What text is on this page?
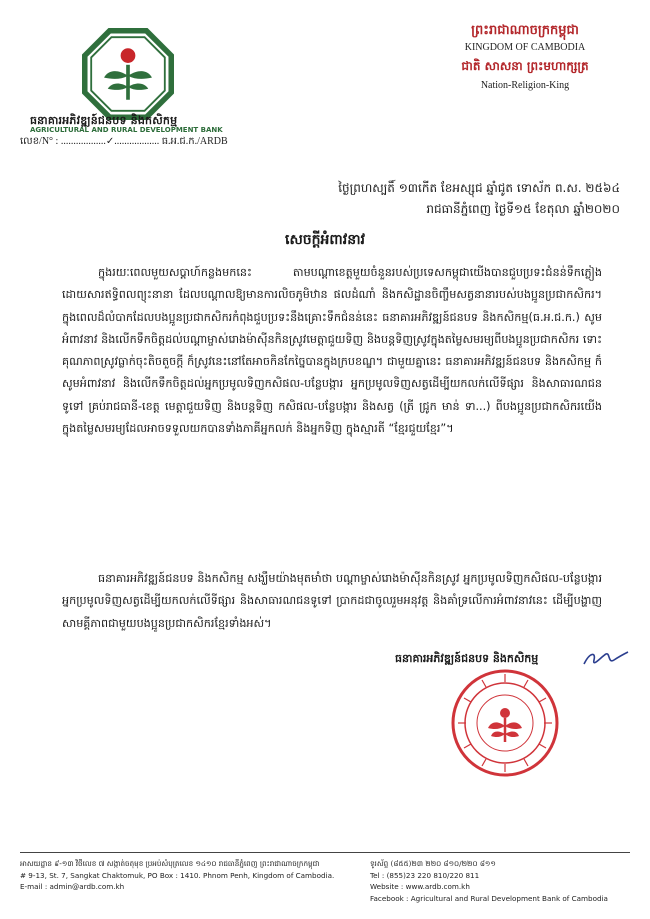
ធនាគារអភិវឌ្ឍន៍ជនបទ និងកសិកម្ម
AGRICULTURAL AND RURAL DEVELOPMENT BANK
លេខ/N° : ..................✓.................. ធ.អ.ជ.ក./ARDB
ព្រះរាជាណាចក្រកម្ពុជា
KINGDOM OF CAMBODIA
ជាតិ សាសនា ព្រះមហាក្សត្រ
Nation-Religion-King
ថ្ងៃព្រហស្បតិ៍ ១៣កើត ខែអស្សុជ ឆ្នាំជូត ទោស័ក ព.ស. ២៥៦៤
រាជធានីភ្នំពេញ ថ្ងៃទី១៥ ខែតុលា ឆ្នាំ២០២០
សេចក្តីអំពាវនាវ

ក្នុងរយៈពេលមួយសប្តាហ៍កន្លងមកនេះ តាមបណ្តាខេត្តមួយចំនួនរបស់ប្រទេសកម្ពុជាយើងបានជួបប្រទះជំនន់ទឹកភ្លៀង ដោយសារឥទ្ធិពលព្យុះនានា ដែលបណ្តាលឱ្យមានការលិចភូមិឋាន ផលដំណាំ និងកសិដ្ឋានចិញ្ចឹមសត្វនានារបស់បងប្អូនប្រជាកសិករ។ ក្នុងពេលដ៏លំបាកដែលបងប្អូនប្រជាកសិករកំពុងជួបប្រទះនឹងគ្រោះទឹកជំនន់នេះ ធនាគារអភិវឌ្ឍន៍ជនបទ និងកសិកម្ម(ធ.អ.ជ.ក.) សូមអំពាវនាវ និងលើកទឹកចិត្តដល់បណ្តាម្ចាស់រោងម៉ាស៊ីនកិនស្រូវមេត្តាជួយទិញ និងបន្តទិញស្រូវក្នុងតម្លៃសមរម្យពីបងប្អូនប្រជាកសិករ ទោះគុណភាពស្រូវធ្លាក់ចុះតិចតួចក្តី ក៏ស្រូវនេះនៅតែអាចកិនកែច្នៃបានក្នុងក្របខណ្ឌ។ ជាមួយគ្នានេះ ធនាគារអភិវឌ្ឍន៍ជនបទ និងកសិកម្ម ក៏សូមអំពាវនាវ និងលើកទឹកចិត្តដល់អ្នកប្រមូលទិញកសិផល-បន្លែបង្ការ អ្នកប្រមូលទិញសត្វដើម្បីយកលក់លើទីផ្សារ និងសាធារណជនទូទៅ គ្រប់រាជធានី-ខេត្ត មេត្តាជួយទិញ និងបន្តទិញ កសិផល-បន្លែបង្ការ និងសត្វ (ត្រី ជ្រូក មាន់ ទា...) ពីបងប្អូនប្រជាកសិករយើង ក្នុងតម្លៃសមរម្យដែលអាចទទួលយកបានទាំងភាគីអ្នកលក់ និងអ្នកទិញ ក្នុងស្មារតី “ខ្មែរជួយខ្មែរ”។

ធនាគារអភិវឌ្ឍន៍ជនបទ និងកសិកម្ម សង្ឃឹមយ៉ាងមុតមាំថា បណ្តាម្ចាស់រោងម៉ាស៊ីនកិនស្រូវ អ្នកប្រមូលទិញកសិផល-បន្លែបង្ការ អ្នកប្រមូលទិញសត្វដើម្បីយកលក់លើទីផ្សារ និងសាធារណជនទូទៅ ប្រាកដជាចូលរួមអនុវត្ត និងគាំទ្រលើការអំពាវនាវនេះ ដើម្បីបង្ហាញសាមគ្គីភាពជាមួយបងប្អូនប្រជាកសិករខ្មែរទាំងអស់។

ធនាគារអភិវឌ្ឍន៍ជនបទ និងកសិកម្ម
អាសយដ្ឋាន ៩-១៣ វិថីលេខ ៧ សង្កាត់ចតុមុខ ប្រអប់សំបុត្រលេខ ១៤១០ រាជធានីភ្នំពេញ ព្រះរាជាណាចក្រកម្ពុជា
# 9-13, St. 7, Sangkat Chaktomuk, PO Box : 1410. Phnom Penh, Kingdom of Cambodia.
E-mail : admin@ardb.com.kh
ទូរស័ព្ទ (៨៥៥)២៣ ២២០ ៨១០/២២០ ៨១១
Tel : (855)23 220 810/220 811
Website : www.ardb.com.kh
Facebook : Agricultural and Rural Development Bank of Cambodia
